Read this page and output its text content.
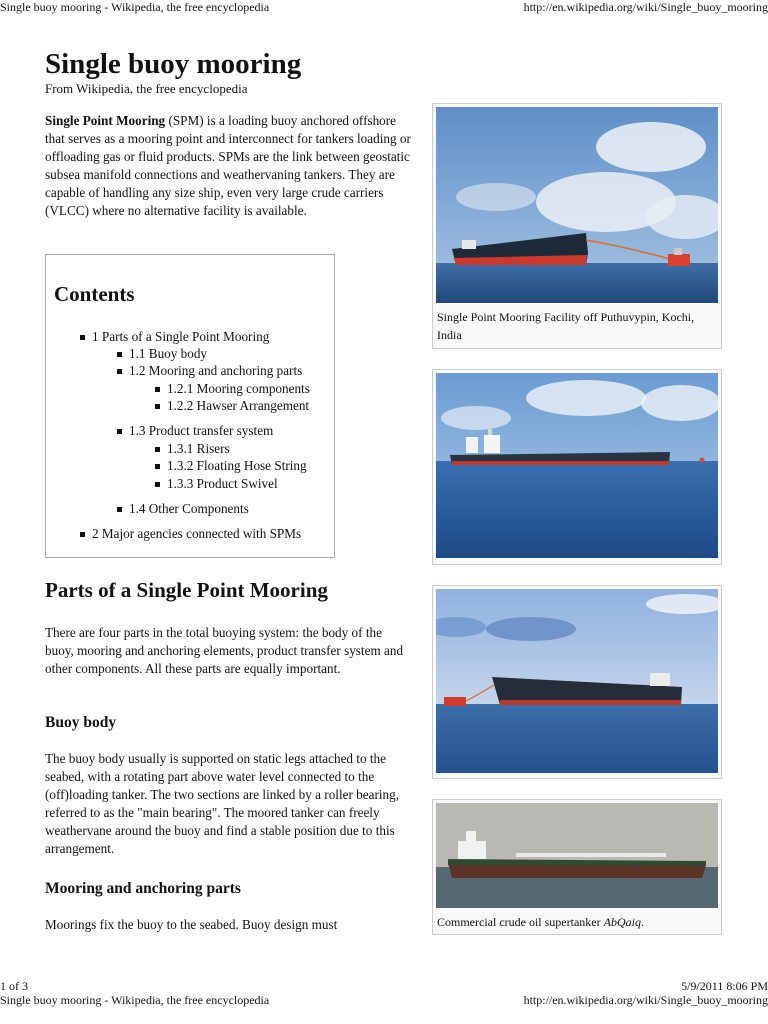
Single buoy mooring - Wikipedia, the free encyclopedia	http://en.wikipedia.org/wiki/Single_buoy_mooring
Single buoy mooring
From Wikipedia, the free encyclopedia
Single Point Mooring (SPM) is a loading buoy anchored offshore that serves as a mooring point and interconnect for tankers loading or offloading gas or fluid products. SPMs are the link between geostatic subsea manifold connections and weathervaning tankers. They are capable of handling any size ship, even very large crude carriers (VLCC) where no alternative facility is available.
Contents
1 Parts of a Single Point Mooring
1.1 Buoy body
1.2 Mooring and anchoring parts
1.2.1 Mooring components
1.2.2 Hawser Arrangement
1.3 Product transfer system
1.3.1 Risers
1.3.2 Floating Hose String
1.3.3 Product Swivel
1.4 Other Components
2 Major agencies connected with SPMs
Parts of a Single Point Mooring
There are four parts in the total buoying system: the body of the buoy, mooring and anchoring elements, product transfer system and other components. All these parts are equally important.
Buoy body
The buoy body usually is supported on static legs attached to the seabed, with a rotating part above water level connected to the (off)loading tanker. The two sections are linked by a roller bearing, referred to as the "main bearing". The moored tanker can freely weathervane around the buoy and find a stable position due to this arrangement.
Mooring and anchoring parts
Moorings fix the buoy to the seabed. Buoy design must
Single Point Mooring Facility off Puthuvypin, Kochi, India
Commercial crude oil supertanker AbQaiq.
1 of 3	5/9/2011 8:06 PM
Single buoy mooring - Wikipedia, the free encyclopedia	http://en.wikipedia.org/wiki/Single_buoy_mooring
